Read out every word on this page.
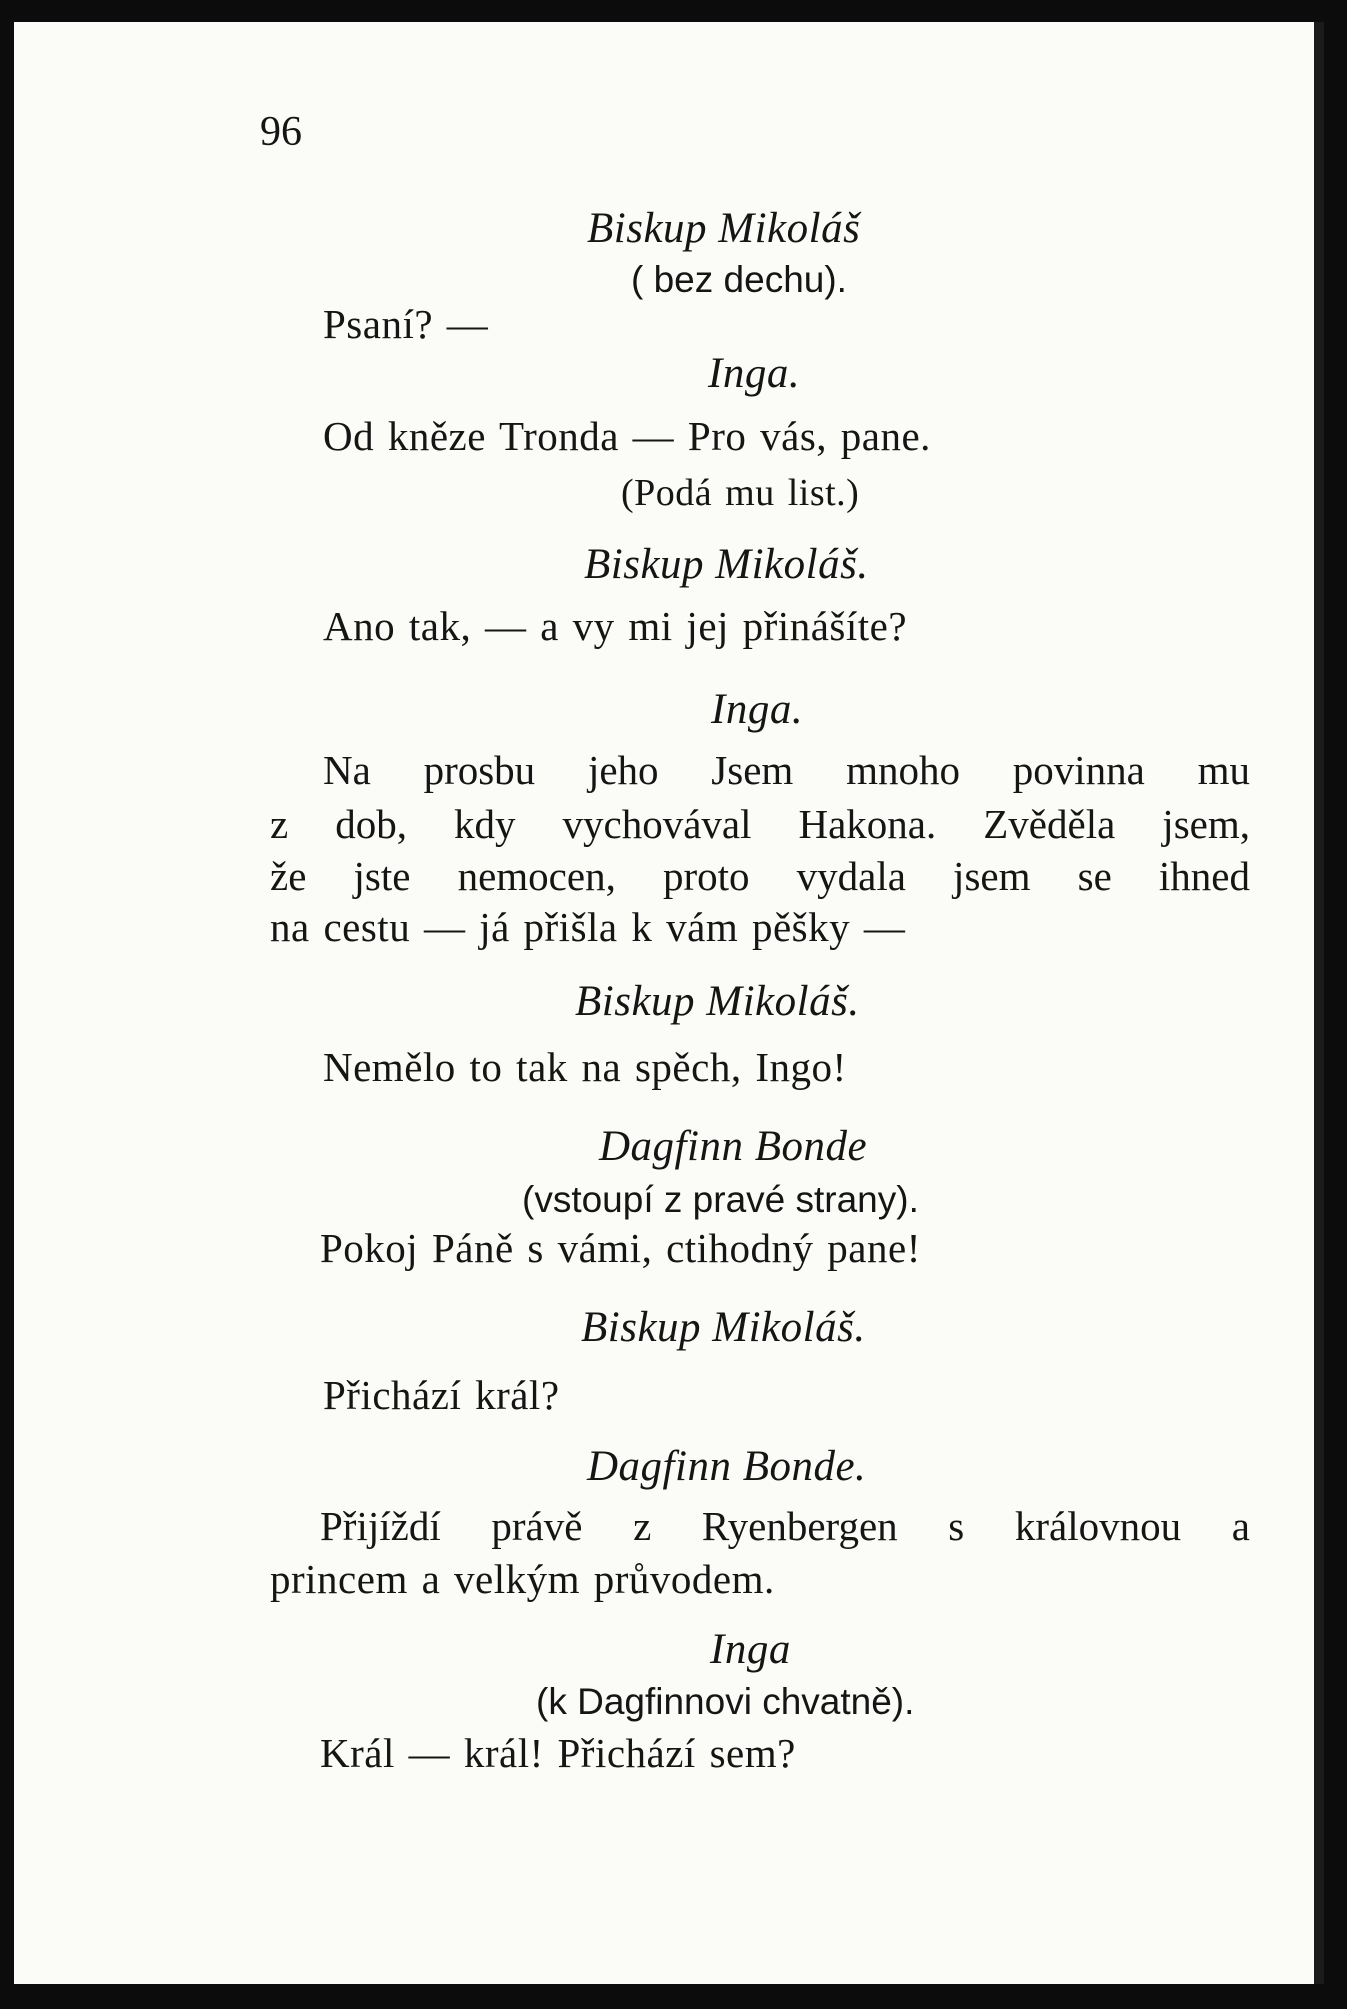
96
Biskup Mikoláš
( bez dechu).
Psaní? —
Inga.
Od kněze Tronda — Pro vás, pane.
(Podá mu list.)
Biskup Mikoláš.
Ano tak, — a vy mi jej přinášíte?
Inga.
Na prosbu jeho Jsem mnoho povinna mu
z dob, kdy vychovával Hakona. Zvěděla jsem,
že jste nemocen, proto vydala jsem se ihned
na cestu — já přišla k vám pěšky —
Biskup Mikoláš.
Nemělo to tak na spěch, Ingo!
Dagfinn Bonde
(vstoupí z pravé strany).
Pokoj Páně s vámi, ctihodný pane!
Biskup Mikoláš.
Přichází král?
Dagfinn Bonde.
Přijíždí právě z Ryenbergen s královnou a
princem a velkým průvodem.
Inga
(k Dagfinnovi chvatně).
Král — král! Přichází sem?
